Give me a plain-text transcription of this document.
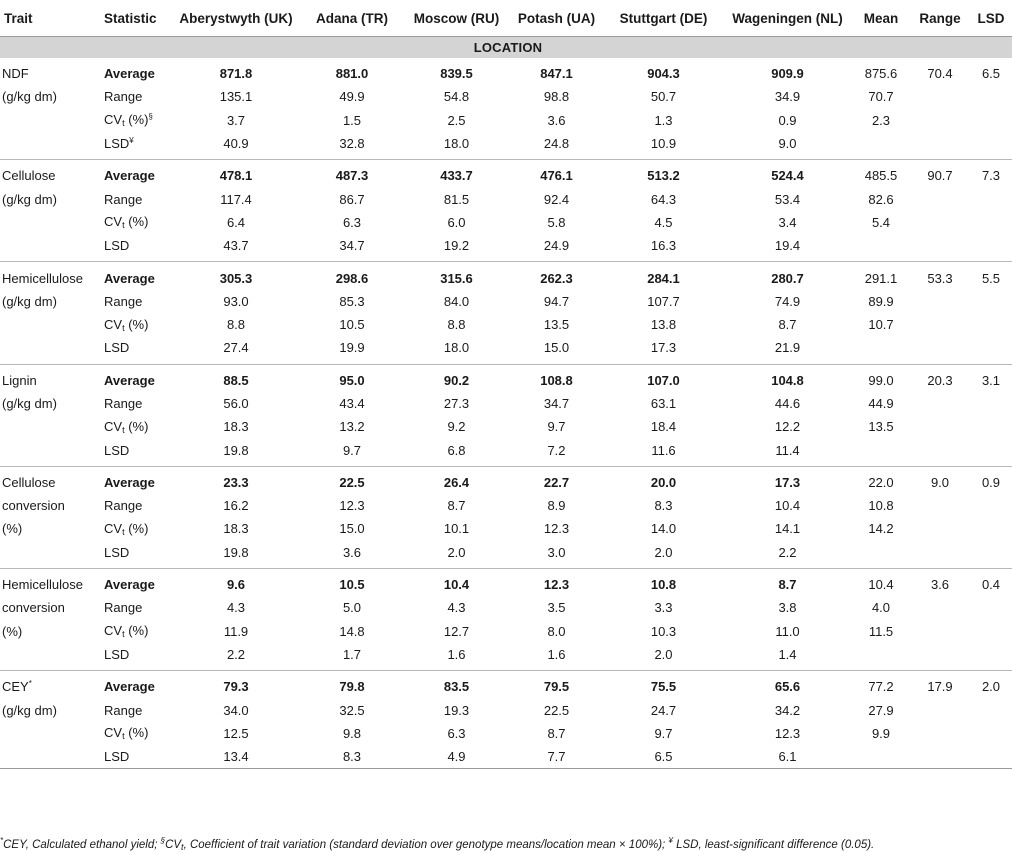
Trait	Statistic	Aberystwyth (UK)	Adana (TR)	Moscow (RU)	Potash (UA)	Stuttgart (DE)	Wageningen (NL)	Mean	Range	LSD
LOCATION										
NDF	Average	871.8	881.0	839.5	847.1	904.3	909.9	875.6	70.4	6.5
(g/kg dm)	Range	135.1	49.9	54.8	98.8	50.7	34.9	70.7		
	$CV_t$ (%)§	3.7	1.5	2.5	3.6	1.3	0.9	2.3		
	LSD¥	40.9	32.8	18.0	24.8	10.9	9.0			
Cellulose	Average	478.1	487.3	433.7	476.1	513.2	524.4	485.5	90.7	7.3
(g/kg dm)	Range	117.4	86.7	81.5	92.4	64.3	53.4	82.6		
	$CV_t$ (%)	6.4	6.3	6.0	5.8	4.5	3.4	5.4		
	LSD	43.7	34.7	19.2	24.9	16.3	19.4			
Hemicellulose	Average	305.3	298.6	315.6	262.3	284.1	280.7	291.1	53.3	5.5
(g/kg dm)	Range	93.0	85.3	84.0	94.7	107.7	74.9	89.9		
	$CV_t$ (%)	8.8	10.5	8.8	13.5	13.8	8.7	10.7		
	LSD	27.4	19.9	18.0	15.0	17.3	21.9			
Lignin	Average	88.5	95.0	90.2	108.8	107.0	104.8	99.0	20.3	3.1
(g/kg dm)	Range	56.0	43.4	27.3	34.7	63.1	44.6	44.9		
	$CV_t$ (%)	18.3	13.2	9.2	9.7	18.4	12.2	13.5		
	LSD	19.8	9.7	6.8	7.2	11.6	11.4			
Cellulose	Average	23.3	22.5	26.4	22.7	20.0	17.3	22.0	9.0	0.9
conversion	Range	16.2	12.3	8.7	8.9	8.3	10.4	10.8		
(%)	$CV_t$ (%)	18.3	15.0	10.1	12.3	14.0	14.1	14.2		
	LSD	19.8	3.6	2.0	3.0	2.0	2.2			
Hemicellulose	Average	9.6	10.5	10.4	12.3	10.8	8.7	10.4	3.6	0.4
conversion	Range	4.3	5.0	4.3	3.5	3.3	3.8	4.0		
(%)	$CV_t$ (%)	11.9	14.8	12.7	8.0	10.3	11.0	11.5		
	LSD	2.2	1.7	1.6	1.6	2.0	1.4			
CEY*	Average	79.3	79.8	83.5	79.5	75.5	65.6	77.2	17.9	2.0
(g/kg dm)	Range	34.0	32.5	19.3	22.5	24.7	34.2	27.9		
	$CV_t$ (%)	12.5	9.8	6.3	8.7	9.7	12.3	9.9		
	LSD	13.4	8.3	4.9	7.7	6.5	6.1			
*CEY, Calculated ethanol yield; $^\S CV_t$, Coefficient of trait variation (standard deviation over genotype means/location mean × 100%); ¥ LSD, least-significant difference (0.05).
